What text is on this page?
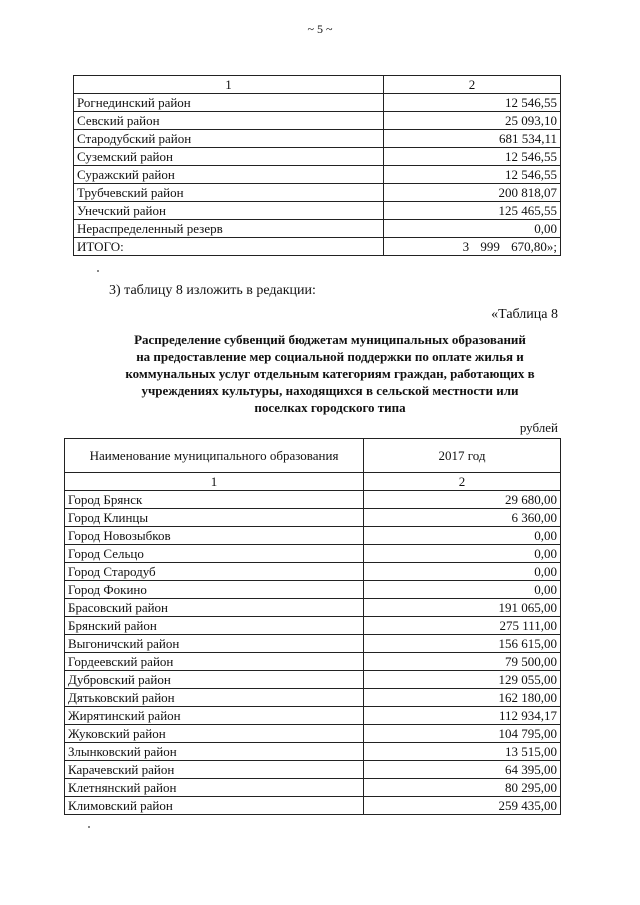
~ 5 ~
1	2
Рогнединский район	12 546,55
Севский район	25 093,10
Стародубский район	681 534,11
Суземский район	12 546,55
Суражский район	12 546,55
Трубчевский район	200 818,07
Унечский район	125 465,55
Нераспределенный резерв	0,00
ИТОГО:	3 999 670,80»;
3) таблицу 8 изложить в редакции:
«Таблица 8
Распределение субвенций бюджетам муниципальных образований
на предоставление мер социальной поддержки по оплате жилья и
коммунальных услуг отдельным категориям граждан, работающих в
учреждениях культуры, находящихся в сельской местности или
поселках городского типа
рублей
Наименование муниципального образования	2017 год
1	2
Город Брянск	29 680,00
Город Клинцы	6 360,00
Город Новозыбков	0,00
Город Сельцо	0,00
Город Стародуб	0,00
Город Фокино	0,00
Брасовский район	191 065,00
Брянский район	275 111,00
Выгоничский район	156 615,00
Гордеевский район	79 500,00
Дубровский район	129 055,00
Дятьковский район	162 180,00
Жирятинский район	112 934,17
Жуковский район	104 795,00
Злынковский район	13 515,00
Карачевский район	64 395,00
Клетнянский район	80 295,00
Климовский район	259 435,00
